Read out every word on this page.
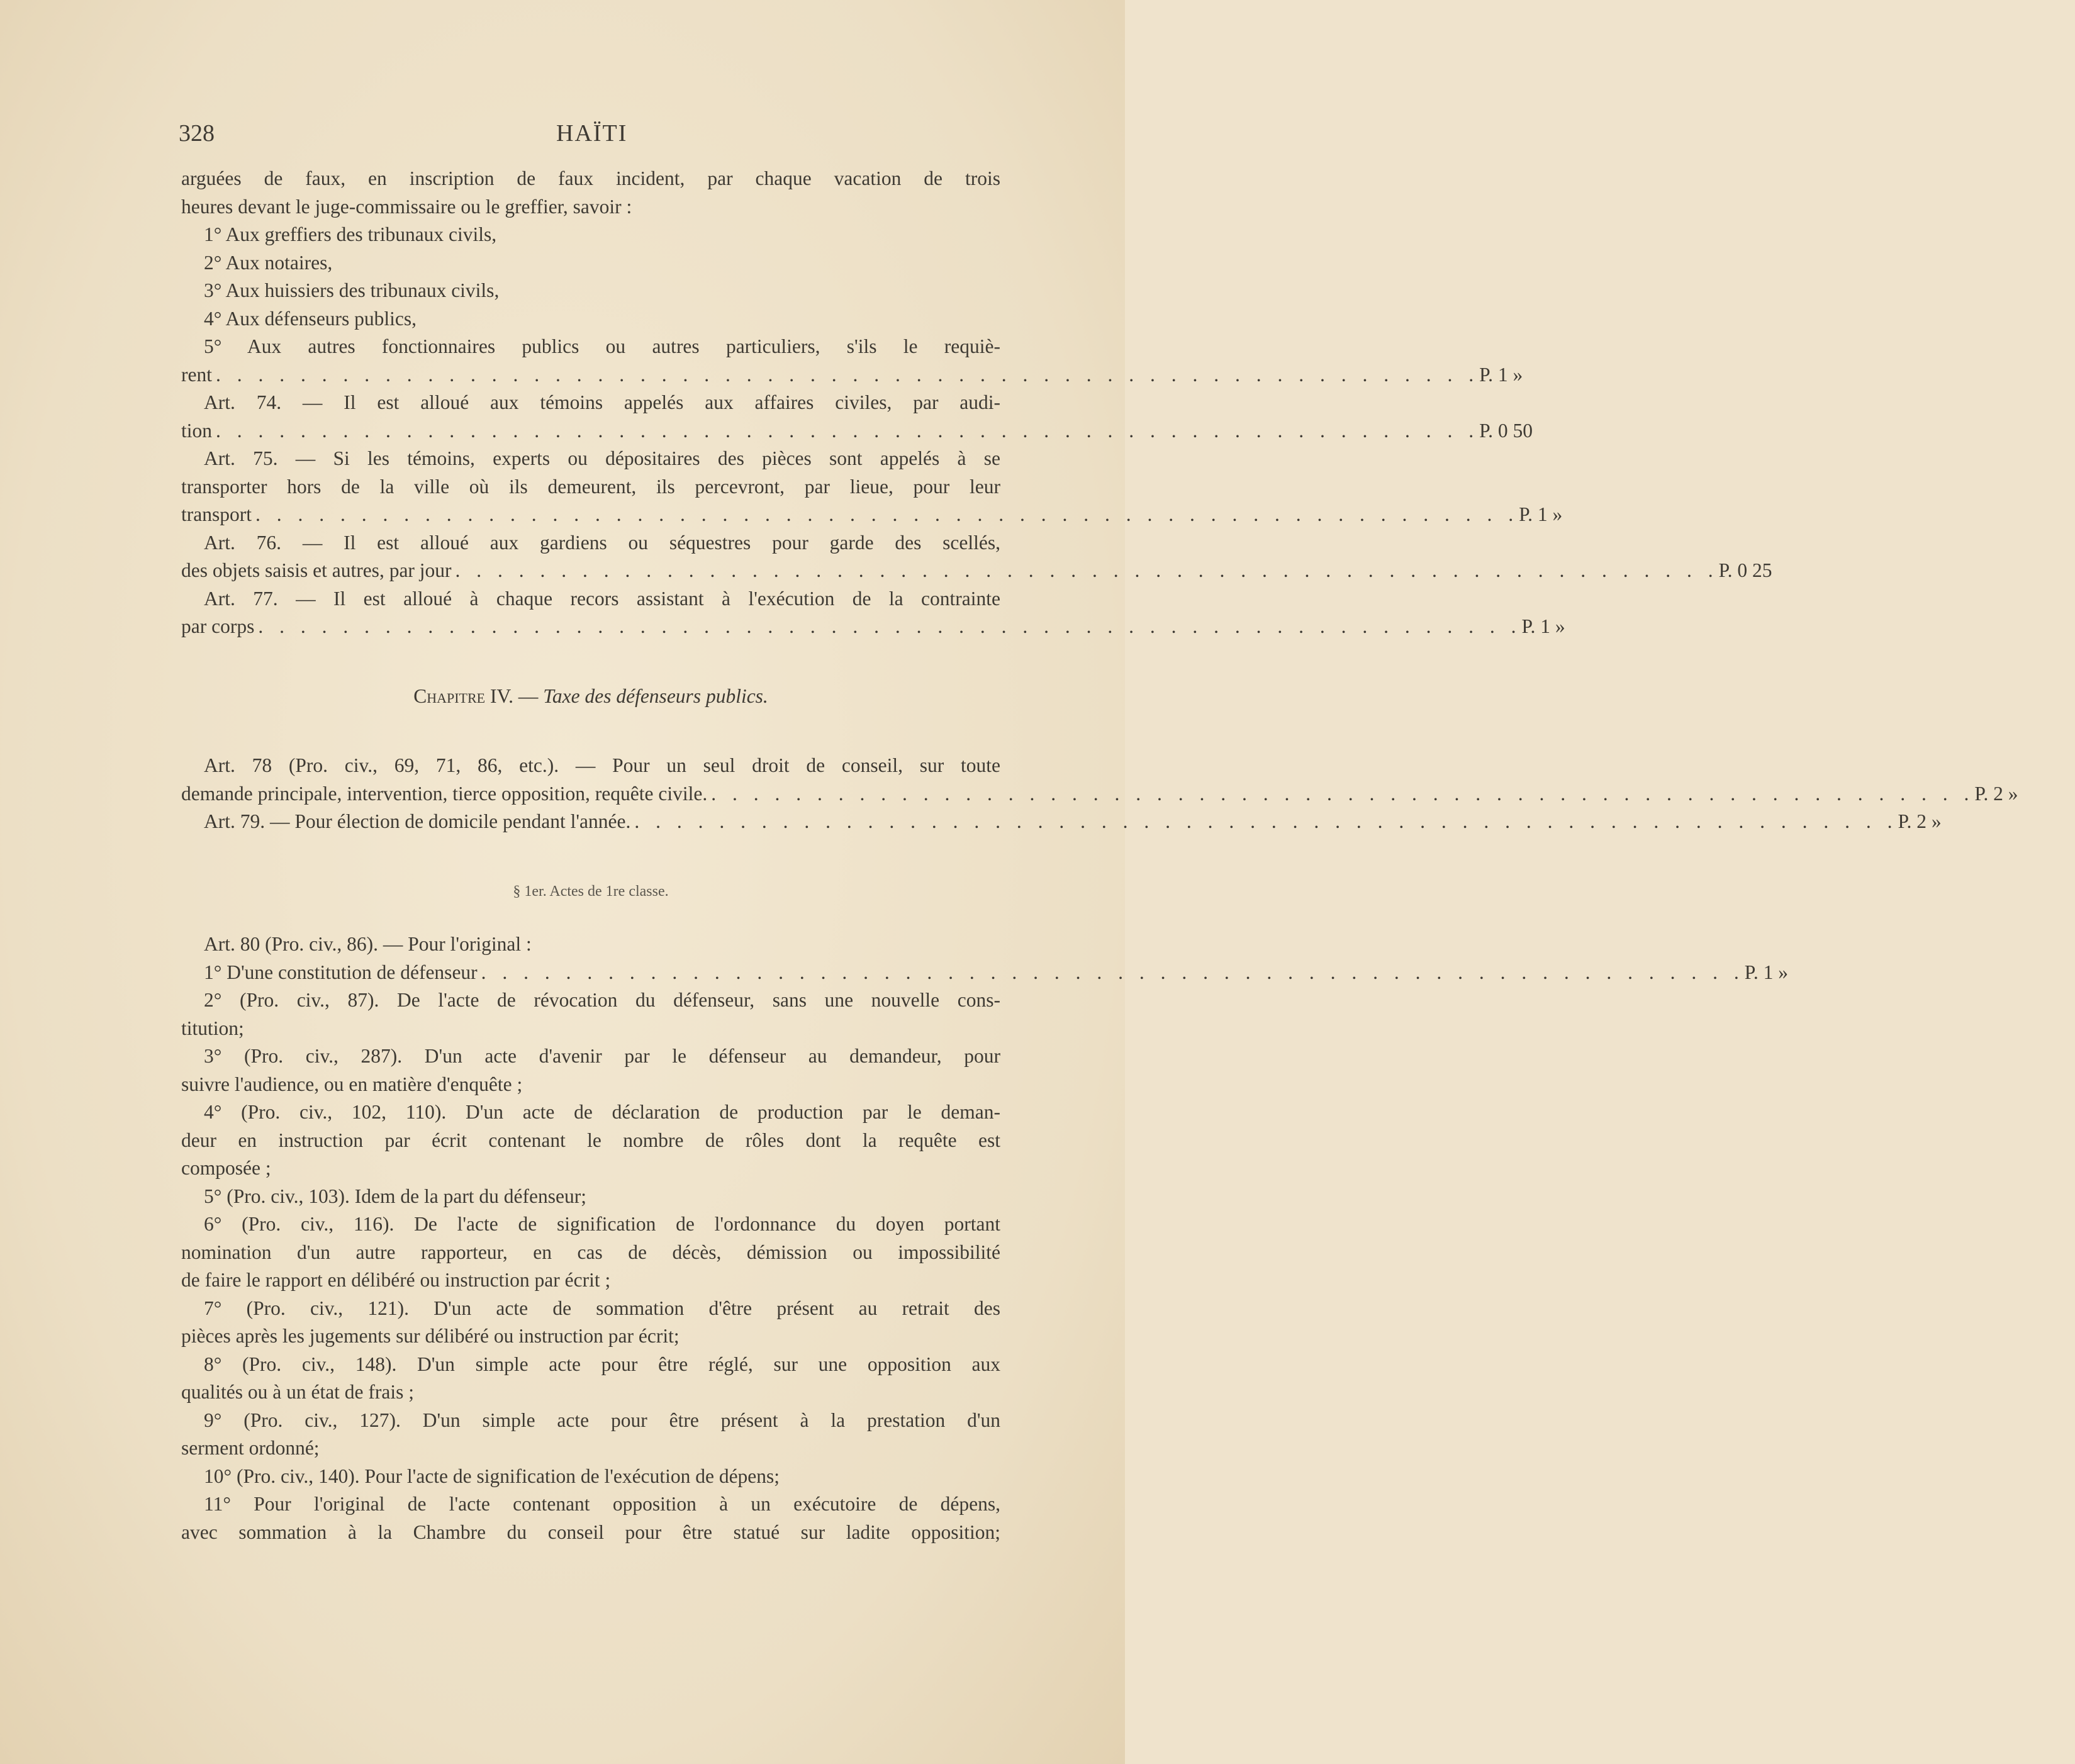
328	HAÏTI
arguées de faux, en inscription de faux incident, par chaque vacation de trois
heures devant le juge-commissaire ou le greffier, savoir :
1° Aux greffiers des tribunaux civils,
2° Aux notaires,
3° Aux huissiers des tribunaux civils,
4° Aux défenseurs publics,
5° Aux autres fonctionnaires publics ou autres particuliers, s'ils le requiè-
rent . . . . . . . . . . . . . . . . . . . . . . . . . . . . . . . . . . . . . . . . . . . . . . . . . . . . . . . . . . . . P. 1 »
Art. 74. — Il est alloué aux témoins appelés aux affaires civiles, par audi-
tion . . . . . . . . . . . . . . . . . . . . . . . . . . . . . . . . . . . . . . . . . . . . . . . . . . . . . . . . . . . . P. 0 50
Art. 75. — Si les témoins, experts ou dépositaires des pièces sont appelés à se
transporter hors de la ville où ils demeurent, ils percevront, par lieue, pour leur
transport . . . . . . . . . . . . . . . . . . . . . . . . . . . . . . . . . . . . . . . . . . . . . . . . . . . . . . . . . . . . P. 1 »
Art. 76. — Il est alloué aux gardiens ou séquestres pour garde des scellés,
des objets saisis et autres, par jour . . . . . . . . . . . . . . . . . . . . . . . . . . . . . . . . . . . . . . . . . . . . . . . . . . . . . . . . . . . . P. 0 25
Art. 77. — Il est alloué à chaque recors assistant à l'exécution de la contrainte
par corps . . . . . . . . . . . . . . . . . . . . . . . . . . . . . . . . . . . . . . . . . . . . . . . . . . . . . . . . . . . . P. 1 »
Chapitre IV. — Taxe des défenseurs publics.
Art. 78 (Pro. civ., 69, 71, 86, etc.). — Pour un seul droit de conseil, sur toute
demande principale, intervention, tierce opposition, requête civile. . . . . . . . . . . . . . . . . . . . . . . . . . . . . . . . . . . . . . . . . . . . . . . . . . . . . . . . . . . . . P. 2 »
Art. 79. — Pour élection de domicile pendant l'année. . . . . . . . . . . . . . . . . . . . . . . . . . . . . . . . . . . . . . . . . . . . . . . . . . . . . . . . . . . . . P. 2 »
§ 1er. Actes de 1re classe.
Art. 80 (Pro. civ., 86). — Pour l'original :
1° D'une constitution de défenseur . . . . . . . . . . . . . . . . . . . . . . . . . . . . . . . . . . . . . . . . . . . . . . . . . . . . . . . . . . . . P. 1 »
2° (Pro. civ., 87). De l'acte de révocation du défenseur, sans une nouvelle cons-
titution;
3° (Pro. civ., 287). D'un acte d'avenir par le défenseur au demandeur, pour
suivre l'audience, ou en matière d'enquête ;
4° (Pro. civ., 102, 110). D'un acte de déclaration de production par le deman-
deur en instruction par écrit contenant le nombre de rôles dont la requête est
composée ;
5° (Pro. civ., 103). Idem de la part du défenseur;
6° (Pro. civ., 116). De l'acte de signification de l'ordonnance du doyen portant
nomination d'un autre rapporteur, en cas de décès, démission ou impossibilité
de faire le rapport en délibéré ou instruction par écrit ;
7° (Pro. civ., 121). D'un acte de sommation d'être présent au retrait des
pièces après les jugements sur délibéré ou instruction par écrit;
8° (Pro. civ., 148). D'un simple acte pour être réglé, sur une opposition aux
qualités ou à un état de frais ;
9° (Pro. civ., 127). D'un simple acte pour être présent à la prestation d'un
serment ordonné;
10° (Pro. civ., 140). Pour l'acte de signification de l'exécution de dépens;
11° Pour l'original de l'acte contenant opposition à un exécutoire de dépens,
avec sommation à la Chambre du conseil pour être statué sur ladite opposition;
